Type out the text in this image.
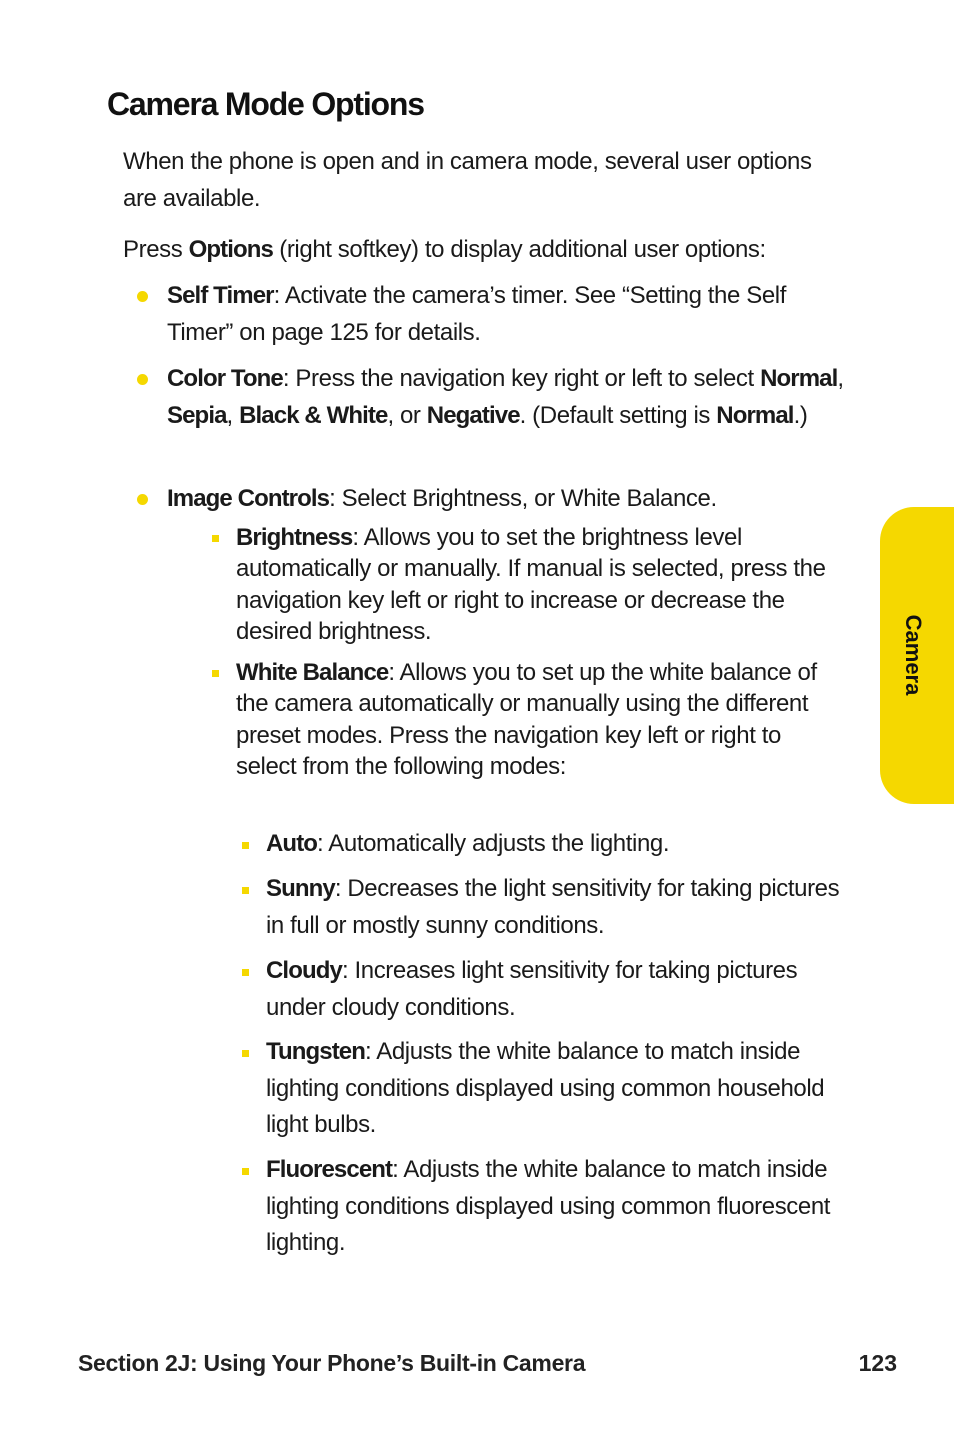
Camera Mode Options

When the phone is open and in camera mode, several user options are available.

Press Options (right softkey) to display additional user options:

Self Timer: Activate the camera’s timer. See “Setting the Self Timer” on page 125 for details.
Color Tone: Press the navigation key right or left to select Normal, Sepia, Black & White, or Negative. (Default setting is Normal.)
Image Controls: Select Brightness, or White Balance.
Brightness: Allows you to set the brightness level automatically or manually. If manual is selected, press the navigation key left or right to increase or decrease the desired brightness.
White Balance: Allows you to set up the white balance of the camera automatically or manually using the different preset modes. Press the navigation key left or right to select from the following modes:
Auto: Automatically adjusts the lighting.
Sunny: Decreases the light sensitivity for taking pictures in full or mostly sunny conditions.
Cloudy: Increases light sensitivity for taking pictures under cloudy conditions.
Tungsten: Adjusts the white balance to match inside lighting conditions displayed using common household light bulbs.
Fluorescent: Adjusts the white balance to match inside lighting conditions displayed using common fluorescent lighting.
Camera
Section 2J: Using Your Phone’s Built-in Camera	123
